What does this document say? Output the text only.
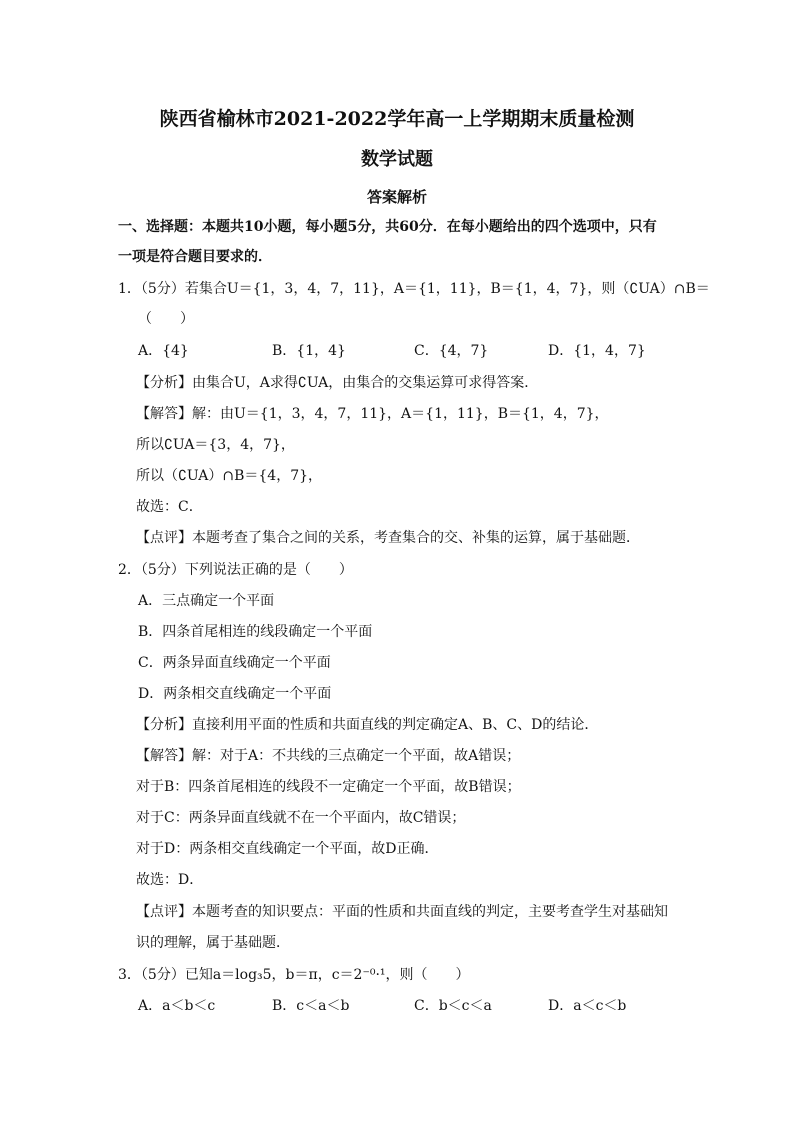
陕西省榆林市2021-2022学年高一上学期期末质量检测
数学试题
答案解析
一、选择题：本题共10小题，每小题5分，共60分．在每小题给出的四个选项中，只有
一项是符合题目要求的．
1．（5分）若集合U＝{1，3，4，7，11}，A＝{1，11}，B＝{1，4，7}，则（∁UA）∩B＝
（　　）
A．{4}	B．{1，4}	C．{4，7}	D．{1，4，7}
【分析】由集合U，A求得∁UA，由集合的交集运算可求得答案．
【解答】解：由U＝{1，3，4，7，11}，A＝{1，11}，B＝{1，4，7}，
所以∁UA＝{3，4，7}，
所以（∁UA）∩B＝{4，7}，
故选：C．
【点评】本题考查了集合之间的关系，考查集合的交、补集的运算，属于基础题．
2．（5分）下列说法正确的是（　　）
A．三点确定一个平面
B．四条首尾相连的线段确定一个平面
C．两条异面直线确定一个平面
D．两条相交直线确定一个平面
【分析】直接利用平面的性质和共面直线的判定确定A、B、C、D的结论．
【解答】解：对于A：不共线的三点确定一个平面，故A错误；
对于B：四条首尾相连的线段不一定确定一个平面，故B错误；
对于C：两条异面直线就不在一个平面内，故C错误；
对于D：两条相交直线确定一个平面，故D正确．
故选：D．
【点评】本题考查的知识要点：平面的性质和共面直线的判定，主要考查学生对基础知
识的理解，属于基础题．
3．（5分）已知a＝log₃5，b＝π，c＝2⁻⁰·¹，则（　　）
A．a＜b＜c	B．c＜a＜b	C．b＜c＜a	D．a＜c＜b
